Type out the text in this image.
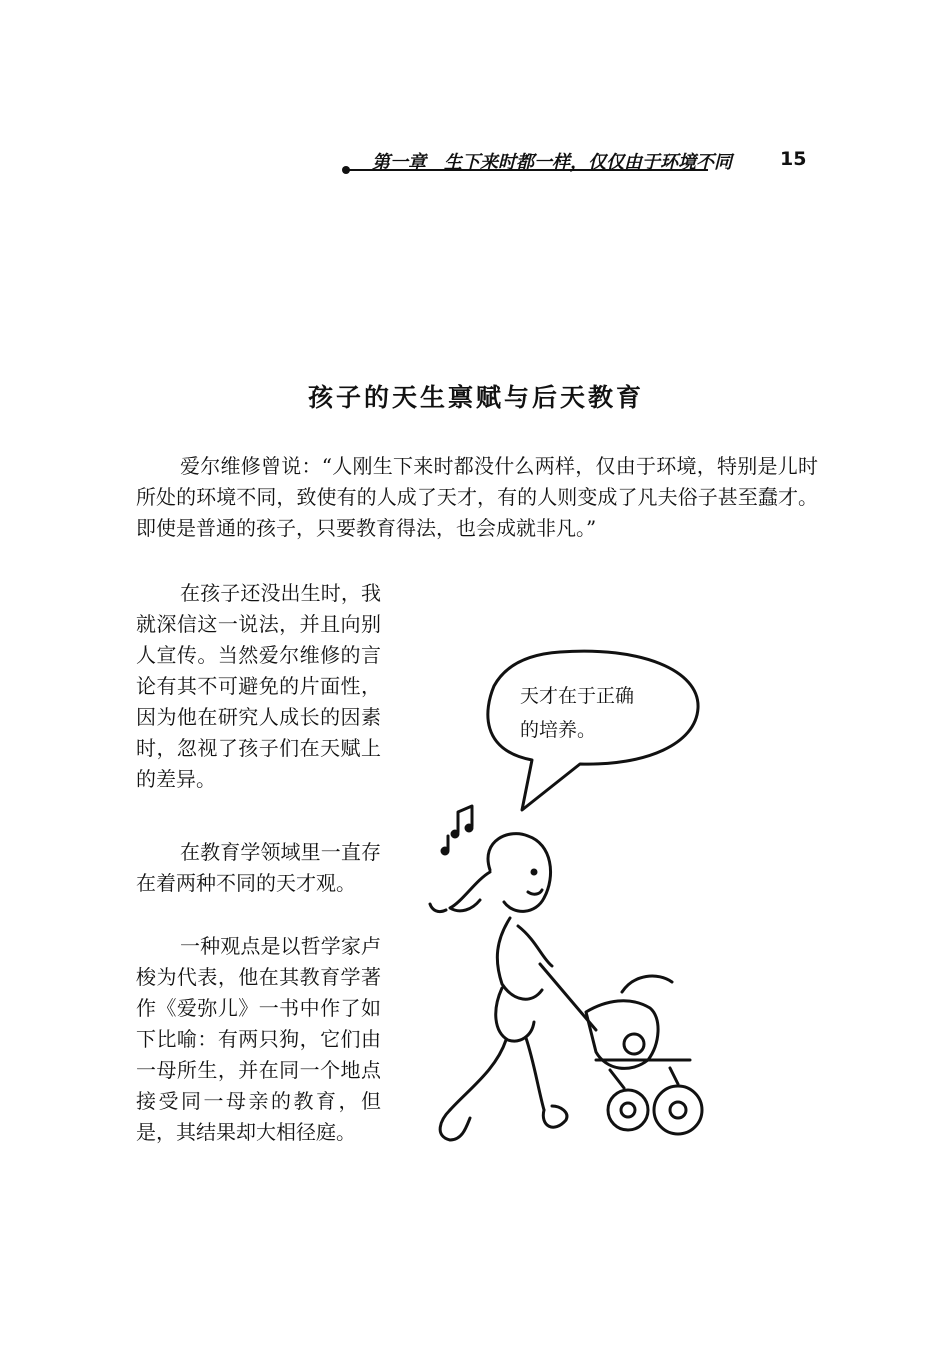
第一章　生下来时都一样，仅仅由于环境不同	15
孩子的天生禀赋与后天教育

爱尔维修曾说：“人刚生下来时都没什么两样，仅由于环境，特别是儿时所处的环境不同，致使有的人成了天才，有的人则变成了凡夫俗子甚至蠢才。即使是普通的孩子，只要教育得法，也会成就非凡。”

在孩子还没出生时，我就深信这一说法，并且向别人宣传。当然爱尔维修的言论有其不可避免的片面性，因为他在研究人成长的因素时，忽视了孩子们在天赋上的差异。

在教育学领域里一直存在着两种不同的天才观。

一种观点是以哲学家卢梭为代表，他在其教育学著作《爱弥儿》一书中作了如下比喻：有两只狗，它们由一母所生，并在同一个地点接受同一母亲的教育，但是，其结果却大相径庭。

天才在于正确
的培养。
